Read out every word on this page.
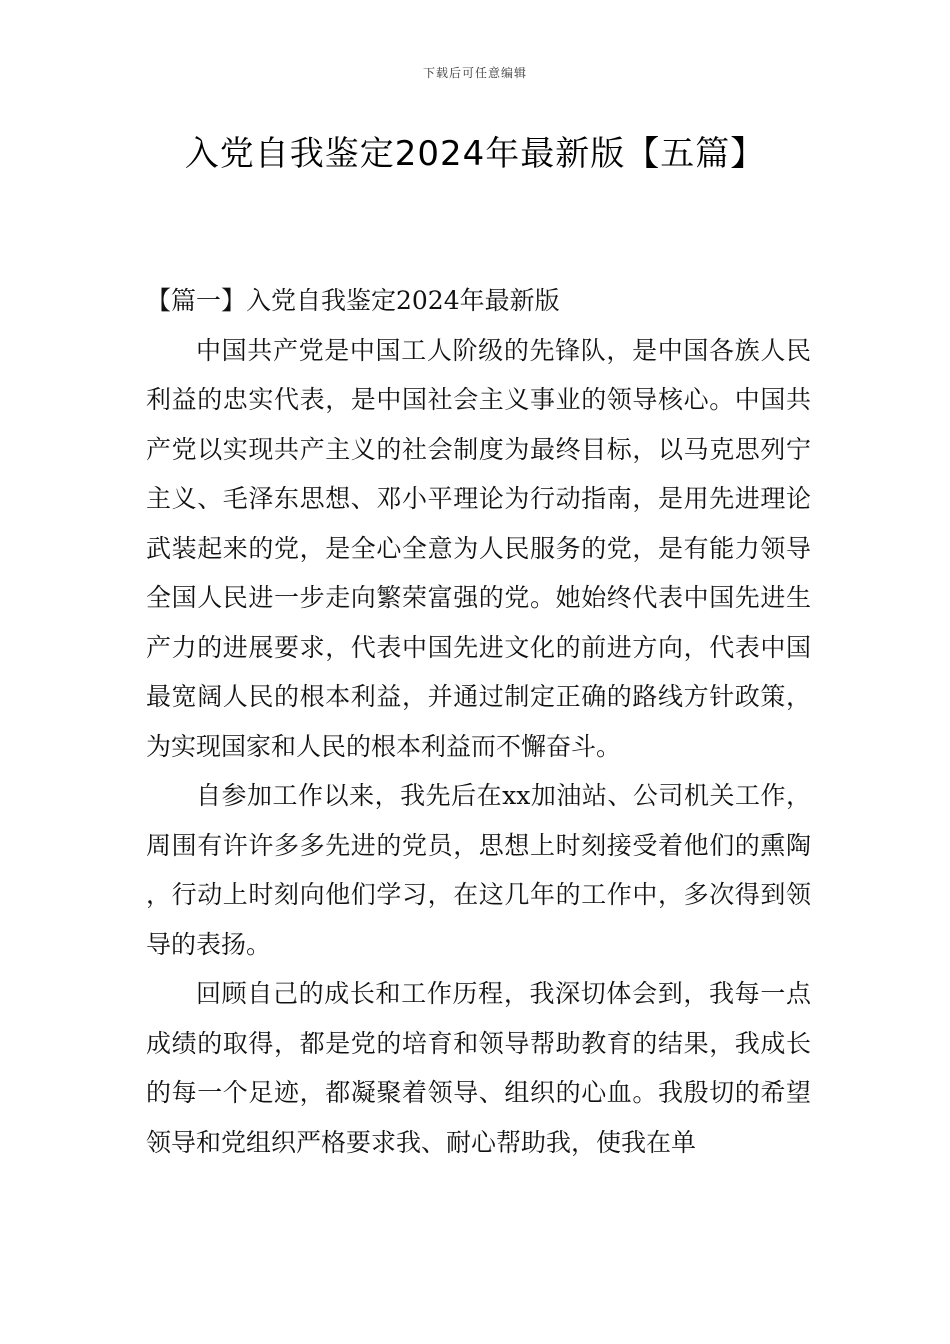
下载后可任意编辑
入党自我鉴定2024年最新版【五篇】
【篇一】入党自我鉴定2024年最新版

中国共产党是中国工人阶级的先锋队，是中国各族人民利益的忠实代表，是中国社会主义事业的领导核心。中国共产党以实现共产主义的社会制度为最终目标，以马克思列宁主义、毛泽东思想、邓小平理论为行动指南，是用先进理论武装起来的党，是全心全意为人民服务的党，是有能力领导全国人民进一步走向繁荣富强的党。她始终代表中国先进生产力的进展要求，代表中国先进文化的前进方向，代表中国最宽阔人民的根本利益，并通过制定正确的路线方针政策，为实现国家和人民的根本利益而不懈奋斗。

自参加工作以来，我先后在xx加油站、公司机关工作，周围有许许多多先进的党员，思想上时刻接受着他们的熏陶，行动上时刻向他们学习，在这几年的工作中，多次得到领导的表扬。

回顾自己的成长和工作历程，我深切体会到，我每一点成绩的取得，都是党的培育和领导帮助教育的结果，我成长的每一个足迹，都凝聚着领导、组织的心血。我殷切的希望领导和党组织严格要求我、耐心帮助我，使我在单
